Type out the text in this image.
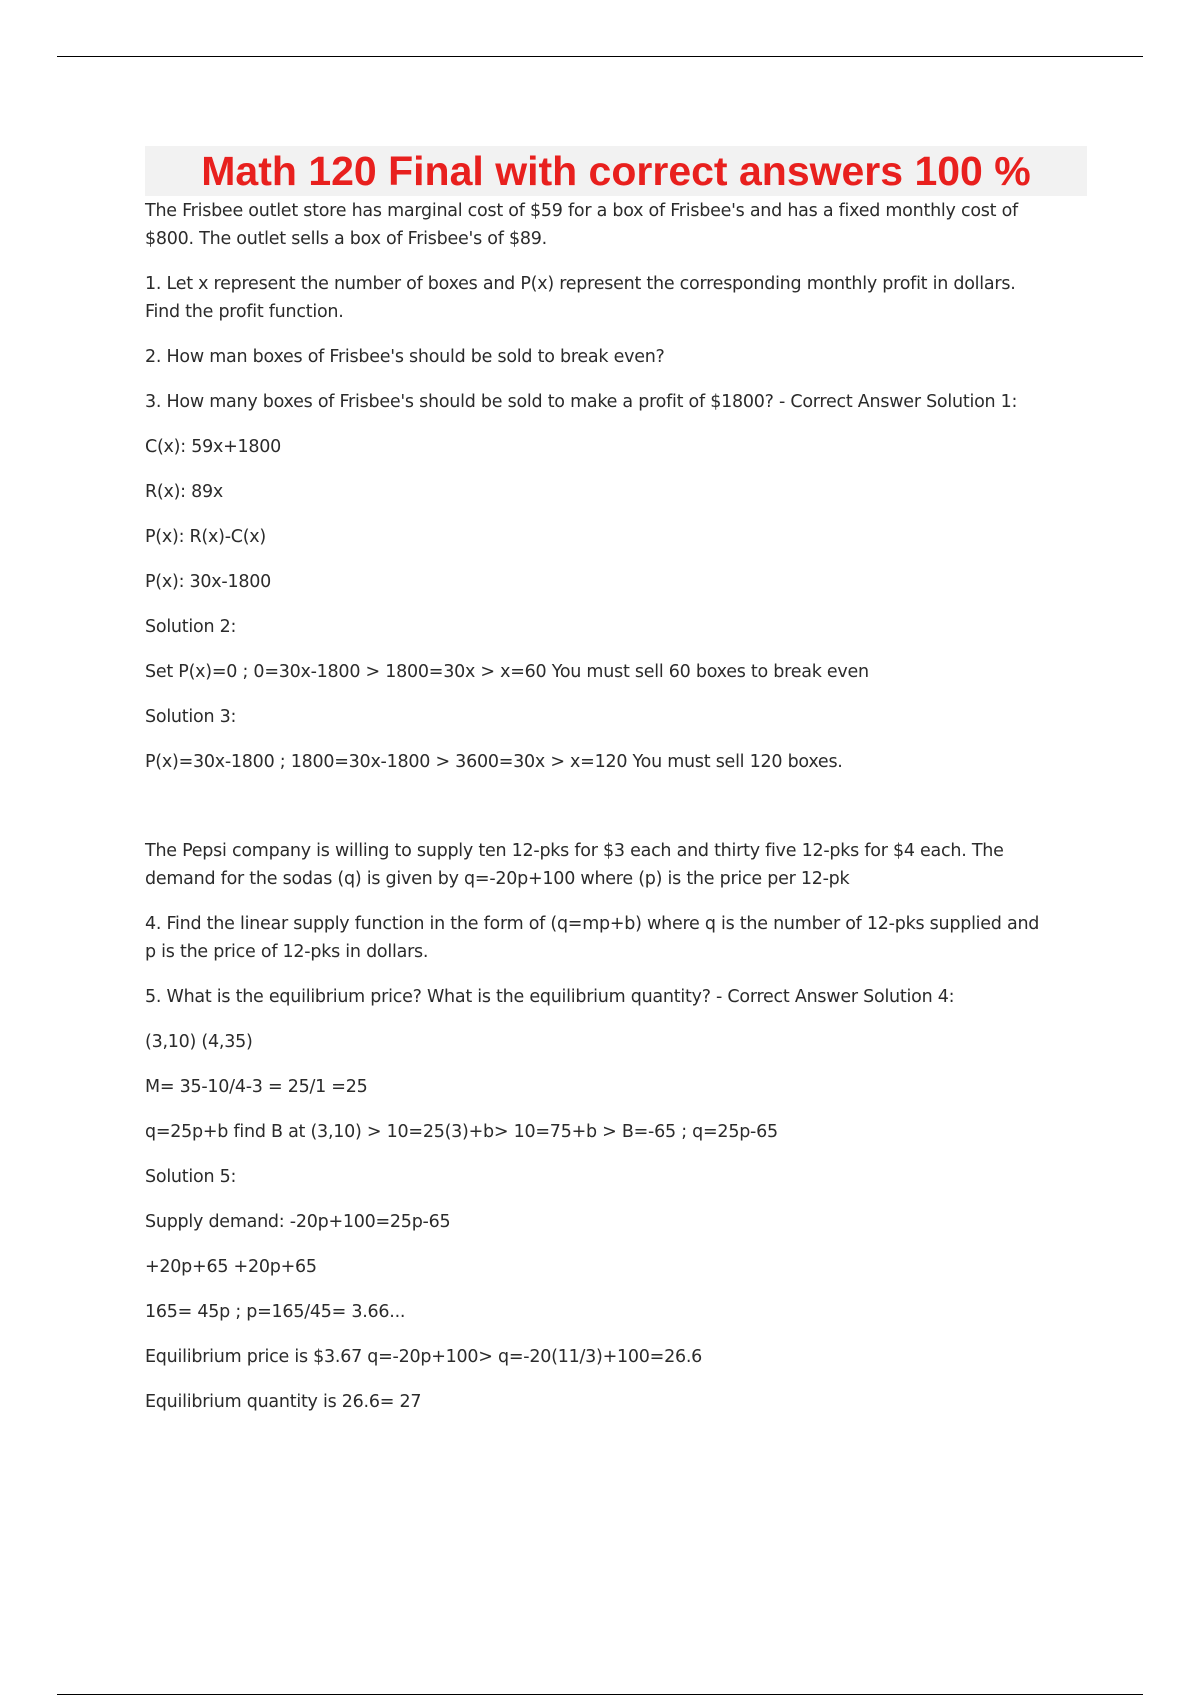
Math 120 Final with correct answers 100 %
The Frisbee outlet store has marginal cost of $59 for a box of Frisbee's and has a fixed monthly cost of
$800. The outlet sells a box of Frisbee's of $89.
1. Let x represent the number of boxes and P(x) represent the corresponding monthly profit in dollars.
Find the profit function.
2. How man boxes of Frisbee's should be sold to break even?
3. How many boxes of Frisbee's should be sold to make a profit of $1800? - Correct Answer Solution 1:
C(x): 59x+1800
R(x): 89x
P(x): R(x)-C(x)
P(x): 30x-1800
Solution 2:
Set P(x)=0 ; 0=30x-1800 > 1800=30x > x=60 You must sell 60 boxes to break even
Solution 3:
P(x)=30x-1800 ; 1800=30x-1800 > 3600=30x > x=120 You must sell 120 boxes.
The Pepsi company is willing to supply ten 12-pks for $3 each and thirty five 12-pks for $4 each. The
demand for the sodas (q) is given by q=-20p+100 where (p) is the price per 12-pk
4. Find the linear supply function in the form of (q=mp+b) where q is the number of 12-pks supplied and
p is the price of 12-pks in dollars.
5. What is the equilibrium price? What is the equilibrium quantity? - Correct Answer Solution 4:
(3,10) (4,35)
M= 35-10/4-3 = 25/1 =25
q=25p+b find B at (3,10) > 10=25(3)+b> 10=75+b > B=-65 ; q=25p-65
Solution 5:
Supply demand: -20p+100=25p-65
+20p+65 +20p+65
165= 45p ; p=165/45= 3.66...
Equilibrium price is $3.67 q=-20p+100> q=-20(11/3)+100=26.6
Equilibrium quantity is 26.6= 27
